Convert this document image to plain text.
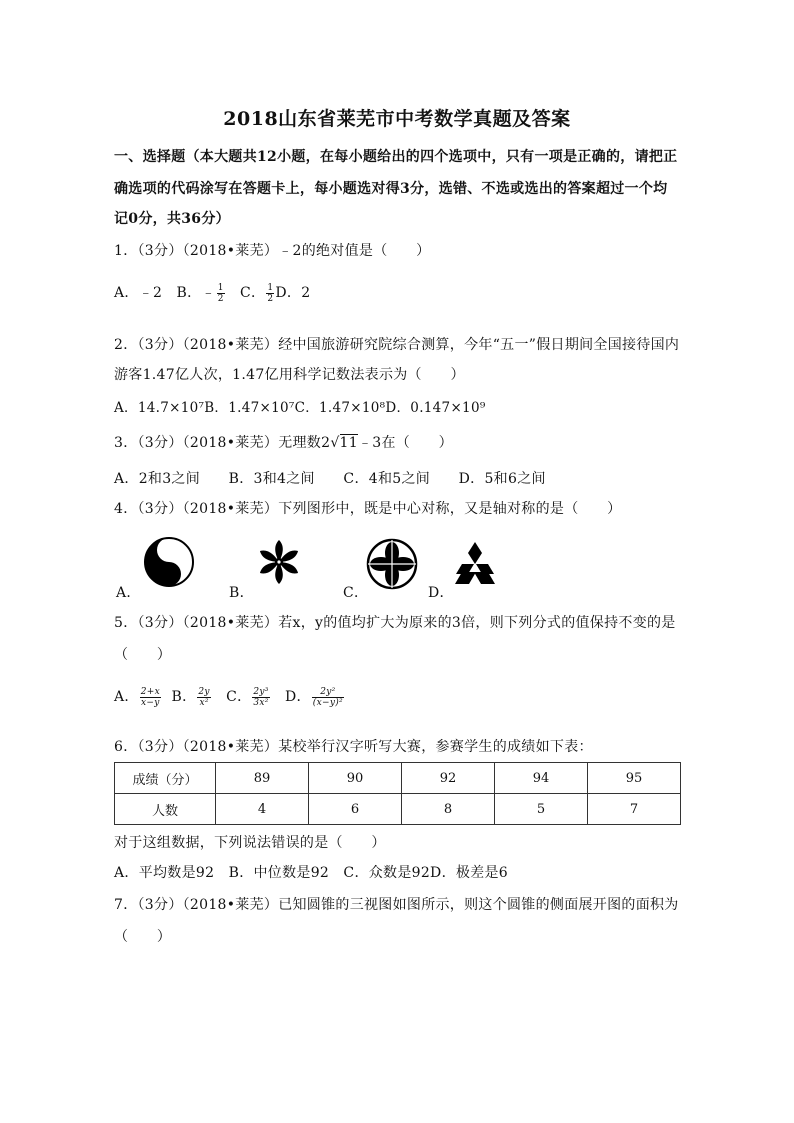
2018山东省莱芜市中考数学真题及答案
一、选择题（本大题共12小题，在每小题给出的四个选项中，只有一项是正确的，请把正
确选项的代码涂写在答题卡上，每小题选对得3分，选错、不选或选出的答案超过一个均
记0分，共36分）
1．（3分）（2018•莱芜）﹣2的绝对值是（　　）
A．﹣2　B．﹣ $\frac{1}{2}$ 　C． $\frac{1}{2}$ D．2
2．（3分）（2018•莱芜）经中国旅游研究院综合测算，今年“五一”假日期间全国接待国内
游客1.47亿人次，1.47亿用科学记数法表示为（　　）
A．14.7×10⁷B．1.47×10⁷C．1.47×10⁸D．0.147×10⁹
3．（3分）（2018•莱芜）无理数2√11﹣3在（　　）
A．2和3之间　　B．3和4之间　　C．4和5之间　　D．5和6之间
4．（3分）（2018•莱芜）下列图形中，既是中心对称，又是轴对称的是（　　）
A．	B．	C．	D．
5．（3分）（2018•莱芜）若x，y的值均扩大为原来的3倍，则下列分式的值保持不变的是
（　　）
A． $\frac{2+x}{x-y}$ B． $\frac{2y}{\text{x²}}$ C． $\frac{\text{2y³}}{\text{3x²}}$ D． $\frac{\text{2y²}}{\text{(x−y)²}}$
6．（3分）（2018•莱芜）某校举行汉字听写大赛，参赛学生的成绩如下表：
成绩（分）	89	90	92	94	95
人数	4	6	8	5	7
对于这组数据，下列说法错误的是（　　）
A．平均数是92　B．中位数是92　C．众数是92D．极差是6
7．（3分）（2018•莱芜）已知圆锥的三视图如图所示，则这个圆锥的侧面展开图的面积为
（　　）
